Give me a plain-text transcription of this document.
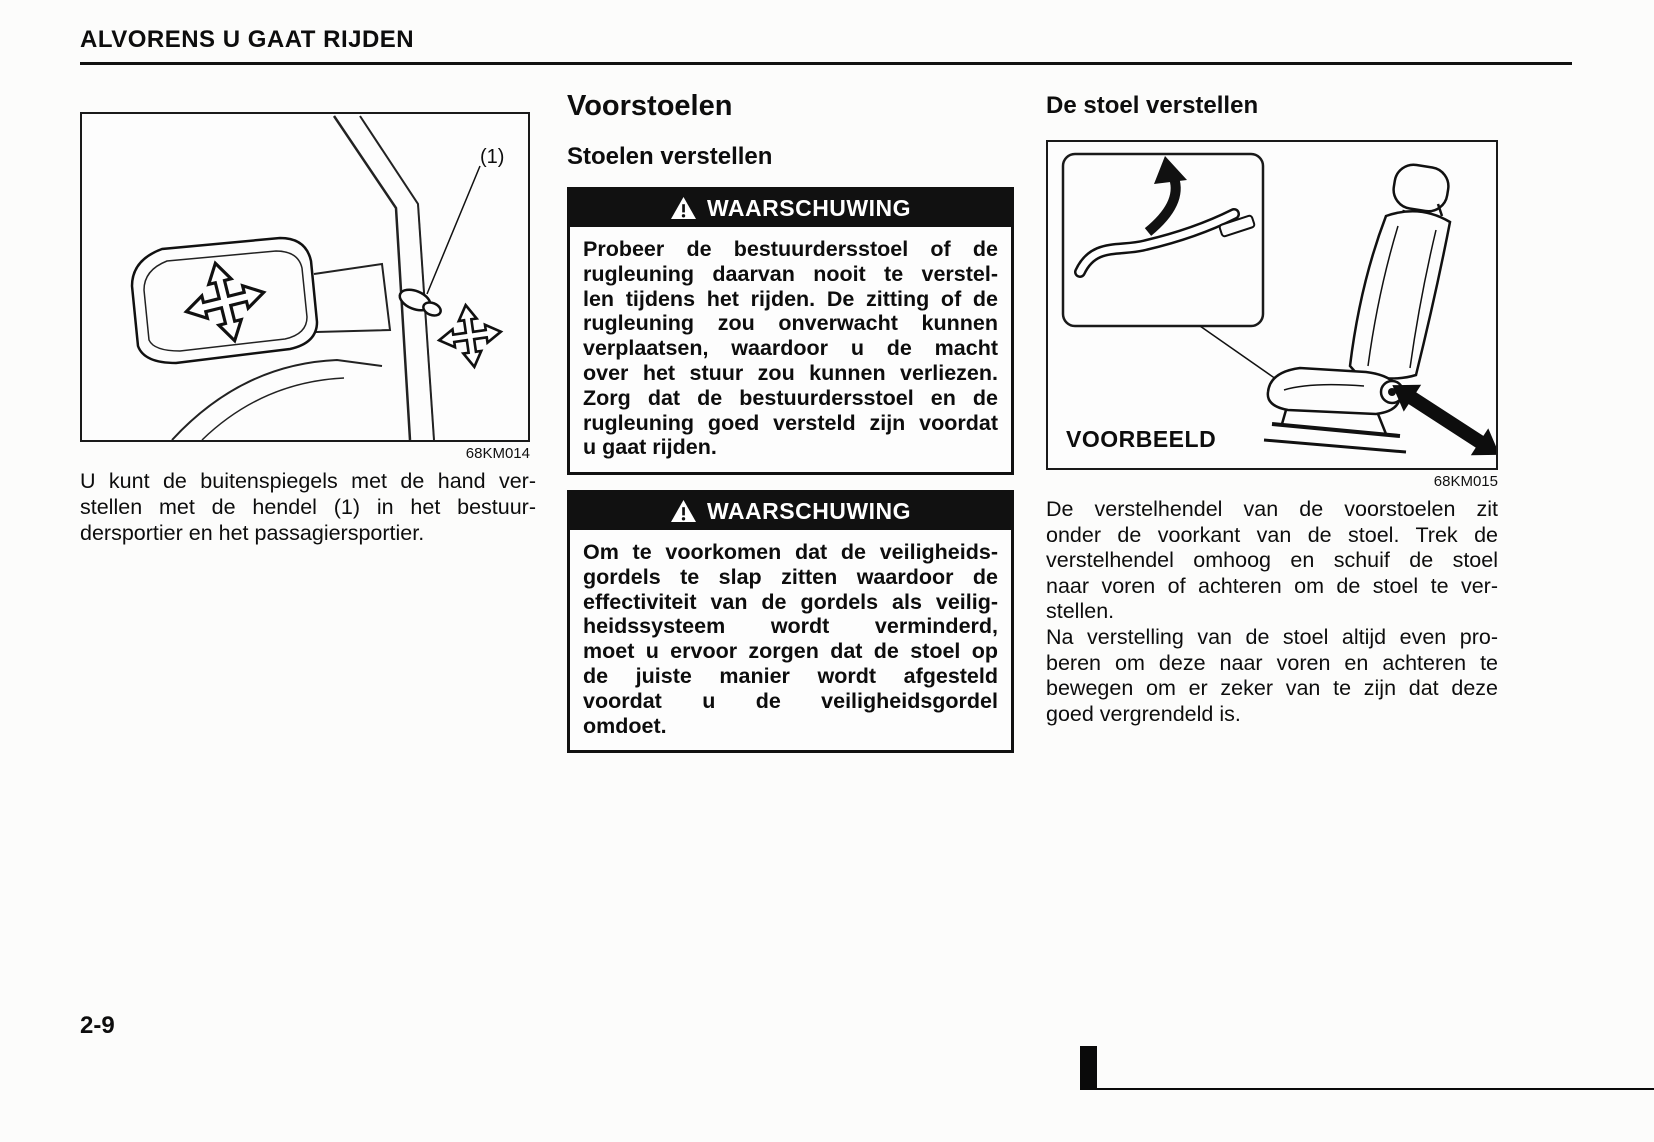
ALVORENS U GAAT RIJDEN
(1)
68KM014
U kunt de buitenspiegels met de hand ver-
stellen met de hendel (1) in het bestuur-
dersportier en het passagiersportier.
Voorstoelen
Stoelen verstellen
WAARSCHUWING
Probeer de bestuurdersstoel of de
rugleuning daarvan nooit te verstel-
len tijdens het rijden. De zitting of de
rugleuning zou onverwacht kunnen
verplaatsen, waardoor u de macht
over het stuur zou kunnen verliezen.
Zorg dat de bestuurdersstoel en de
rugleuning goed versteld zijn voordat
u gaat rijden.
WAARSCHUWING
Om te voorkomen dat de veiligheids-
gordels te slap zitten waardoor de
effectiviteit van de gordels als veilig-
heidssysteem wordt verminderd,
moet u ervoor zorgen dat de stoel op
de juiste manier wordt afgesteld
voordat u de veiligheidsgordel
omdoet.
De stoel verstellen
VOORBEELD
68KM015
De verstelhendel van de voorstoelen zit
onder de voorkant van de stoel. Trek de
verstelhendel omhoog en schuif de stoel
naar voren of achteren om de stoel te ver-
stellen.
Na verstelling van de stoel altijd even pro-
beren om deze naar voren en achteren te
bewegen om er zeker van te zijn dat deze
goed vergrendeld is.
2-9
